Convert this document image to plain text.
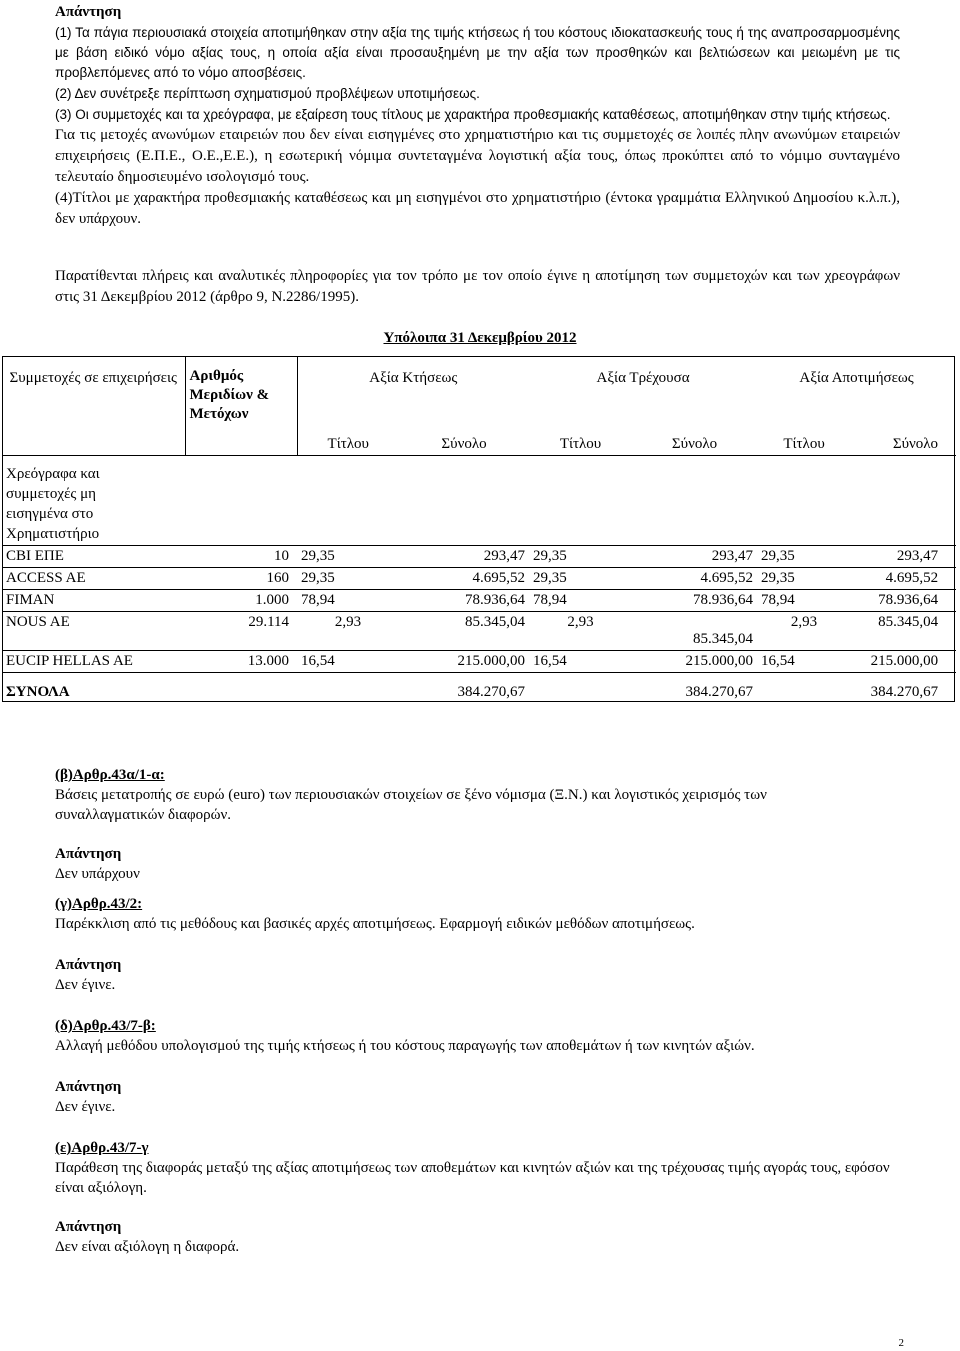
Απάντηση
(1) Τα πάγια περιουσιακά στοιχεία αποτιμήθηκαν στην αξία της τιμής κτήσεως ή του κόστους ιδιοκατασκευής τους ή της αναπροσαρμοσμένης με βάση ειδικό νόμο αξίας τους, η οποία αξία είναι προσαυξημένη με την αξία των προσθηκών και βελτιώσεων και μειωμένη με τις προβλεπόμενες από το νόμο αποσβέσεις.
(2) Δεν συνέτρεξε περίπτωση σχηματισμού προβλέψεων υποτιμήσεως.
(3) Οι συμμετοχές και τα χρεόγραφα, με εξαίρεση τους τίτλους με χαρακτήρα προθεσμιακής καταθέσεως, αποτιμήθηκαν στην τιμής κτήσεως.
Για τις μετοχές ανωνύμων εταιρειών που δεν είναι εισηγμένες στο χρηματιστήριο και τις συμμετοχές σε λοιπές πλην ανωνύμων εταιρειών επιχειρήσεις (Ε.Π.Ε., Ο.Ε.,Ε.Ε.), η εσωτερική νόμιμα συντεταγμένα λογιστική αξία τους, όπως προκύπτει από το νόμιμο συνταγμένο τελευταίο δημοσιευμένο ισολογισμό τους.
(4)Τίτλοι με χαρακτήρα προθεσμιακής καταθέσεως και μη εισηγμένοι στο χρηματιστήριο (έντοκα γραμμάτια Ελληνικού Δημοσίου κ.λ.π.), δεν υπάρχουν.
Παρατίθενται πλήρεις και αναλυτικές πληροφορίες για τον τρόπο με τον οποίο έγινε η αποτίμηση των συμμετοχών και των χρεογράφων στις 31 Δεκεμβρίου 2012 (άρθρο 9, Ν.2286/1995).
Υπόλοιπα 31 Δεκεμβρίου 2012
Συμμετοχές σε επιχειρήσεις	Αριθμός Μεριδίων & Μετόχων	Αξία Κτήσεως		Αξία Τρέχουσα		Αξία Αποτιμήσεως	
		Τίτλου	Σύνολο	Τίτλου	Σύνολο	Τίτλου	Σύνολο

Χρεόγραφα και συμμετοχές μη εισηγμένα στο Χρηματιστήριο							

CBI ΕΠΕ	10	29,35	293,47	29,35	293,47	29,35	293,47
ACCESS AE	160	29,35	4.695,52	29,35	4.695,52	29,35	4.695,52
FIMAN	1.000	78,94	78.936,64	78,94	78.936,64	78,94	78.936,64
NOUS AE	29.114	2,93	85.345,04	2,93	85.345,04	2,93	85.345,04
EUCIP HELLAS AE	13.000	16,54	215.000,00	16,54	215.000,00	16,54	215.000,00
ΣΥΝΟΛΑ			384.270,67		384.270,67		384.270,67
(β)Αρθρ.43α/1-α:
Βάσεις μετατροπής σε ευρώ (euro) των περιουσιακών στοιχείων σε ξένο νόμισμα (Ξ.Ν.) και λογιστικός χειρισμός των συναλλαγματικών διαφορών.
Απάντηση
Δεν υπάρχουν
(γ)Αρθρ.43/2:
Παρέκκλιση από τις μεθόδους και βασικές αρχές αποτιμήσεως. Εφαρμογή ειδικών μεθόδων αποτιμήσεως.
Απάντηση
Δεν έγινε.
(δ)Αρθρ.43/7-β:
Αλλαγή μεθόδου υπολογισμού της τιμής κτήσεως ή του κόστους παραγωγής των αποθεμάτων ή των κινητών αξιών.
Απάντηση
Δεν έγινε.
(ε)Αρθρ.43/7-γ
Παράθεση της διαφοράς μεταξύ της αξίας αποτιμήσεως των αποθεμάτων και κινητών αξιών και της τρέχουσας τιμής αγοράς τους, εφόσον είναι αξιόλογη.
Απάντηση
Δεν είναι αξιόλογη η διαφορά.
2
